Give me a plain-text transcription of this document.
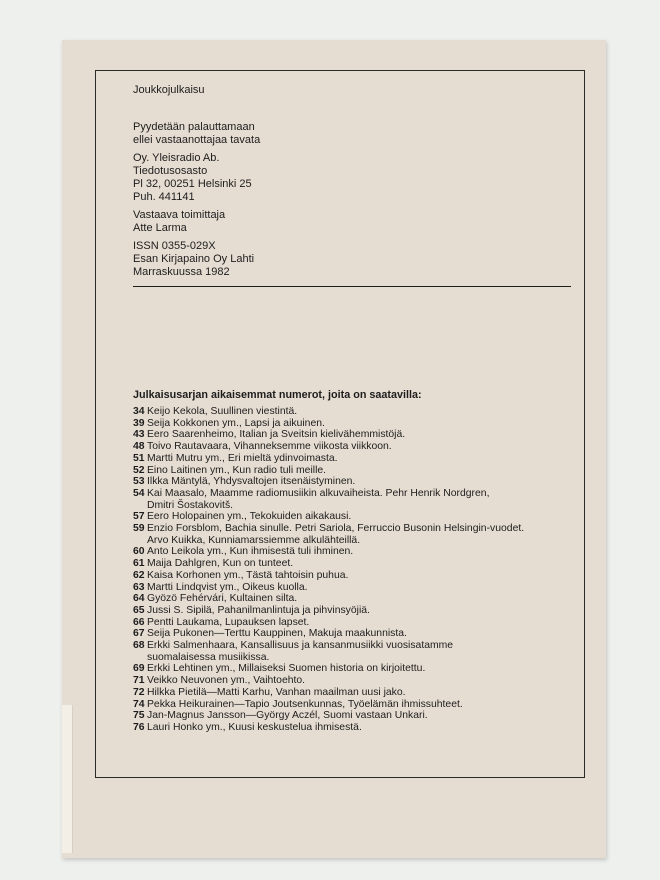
Joukkojulkaisu
Pyydetään palauttamaan
ellei vastaanottajaa tavata
Oy. Yleisradio Ab.
Tiedotusosasto
Pl 32, 00251 Helsinki 25
Puh. 441141
Vastaava toimittaja
Atte Larma
ISSN 0355-029X
Esan Kirjapaino Oy Lahti
Marraskuussa 1982
Julkaisusarjan aikaisemmat numerot, joita on saatavilla:
34 Keijo Kekola, Suullinen viestintä.
39 Seija Kokkonen ym., Lapsi ja aikuinen.
43 Eero Saarenheimo, Italian ja Sveitsin kielivähemmistöjä.
48 Toivo Rautavaara, Vihanneksemme viikosta viikkoon.
51 Martti Mutru ym., Eri mieltä ydinvoimasta.
52 Eino Laitinen ym., Kun radio tuli meille.
53 Ilkka Mäntylä, Yhdysvaltojen itsenäistyminen.
54 Kai Maasalo, Maamme radiomusiikin alkuvaiheista. Pehr Henrik Nordgren,
Dmitri Šostakovitš.
57 Eero Holopainen ym., Tekokuiden aikakausi.
59 Enzio Forsblom, Bachia sinulle. Petri Sariola, Ferruccio Busonin Helsingin-vuodet.
Arvo Kuikka, Kunniamarssiemme alkulähteillä.
60 Anto Leikola ym., Kun ihmisestä tuli ihminen.
61 Maija Dahlgren, Kun on tunteet.
62 Kaisa Korhonen ym., Tästä tahtoisin puhua.
63 Martti Lindqvist ym., Oikeus kuolla.
64 Gyözö Fehérvári, Kultainen silta.
65 Jussi S. Sipilä, Pahanilmanlintuja ja pihvinsyöjiä.
66 Pentti Laukama, Lupauksen lapset.
67 Seija Pukonen—Terttu Kauppinen, Makuja maakunnista.
68 Erkki Salmenhaara, Kansallisuus ja kansanmusiikki vuosisatamme
suomalaisessa musiikissa.
69 Erkki Lehtinen ym., Millaiseksi Suomen historia on kirjoitettu.
71 Veikko Neuvonen ym., Vaihtoehto.
72 Hilkka Pietilä—Matti Karhu, Vanhan maailman uusi jako.
74 Pekka Heikurainen—Tapio Joutsenkunnas, Työelämän ihmissuhteet.
75 Jan-Magnus Jansson—György Aczél, Suomi vastaan Unkari.
76 Lauri Honko ym., Kuusi keskustelua ihmisestä.
